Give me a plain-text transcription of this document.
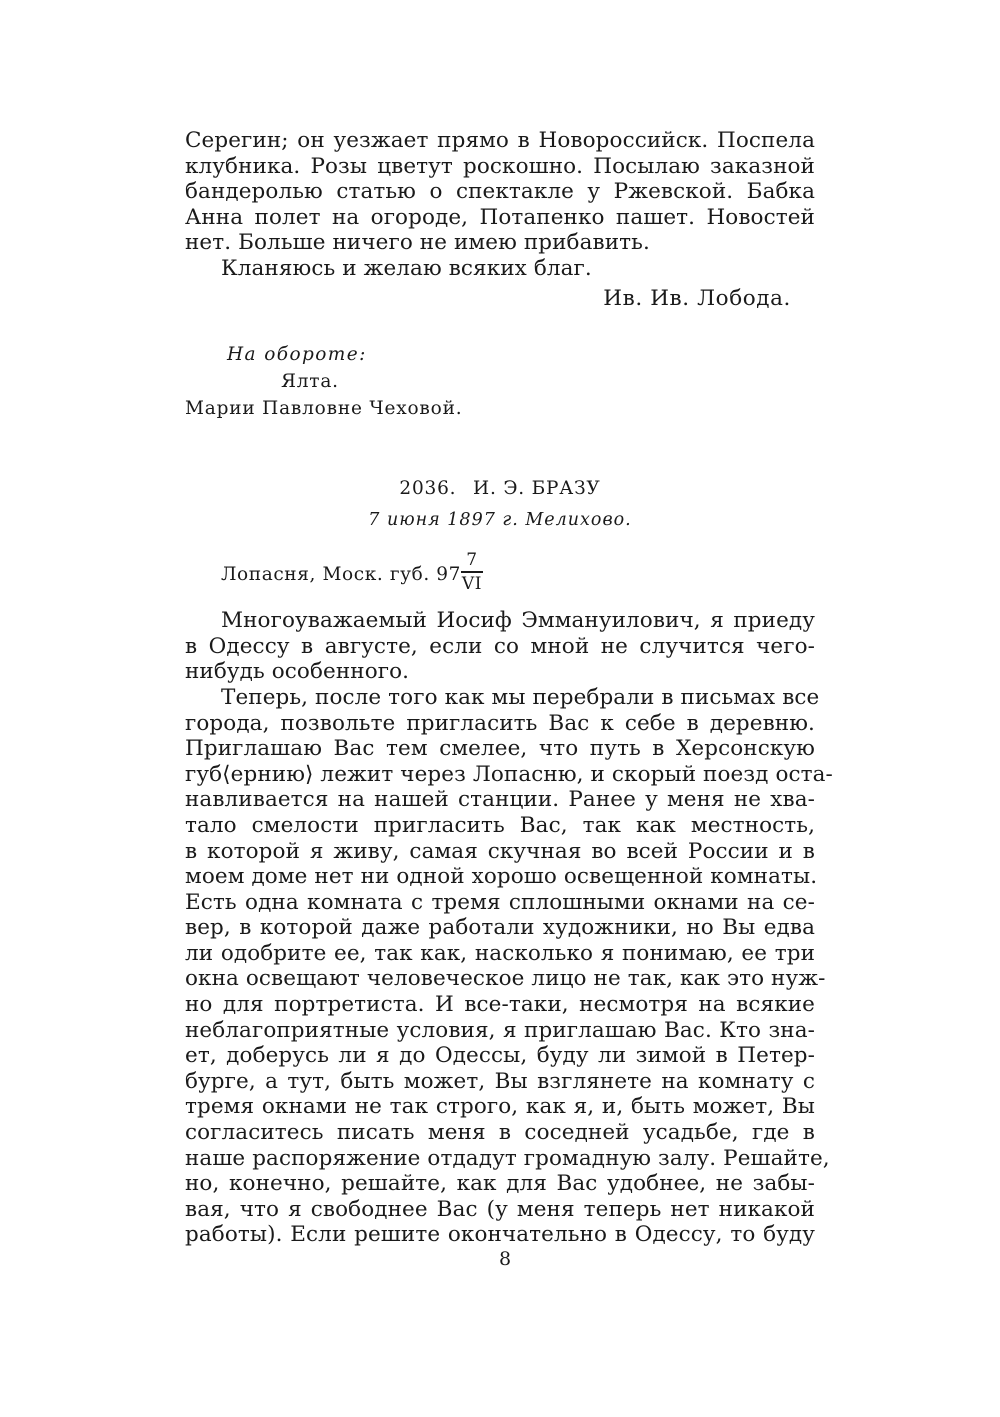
Серегин; он уезжает прямо в Новороссийск. Поспела
клубника. Розы цветут роскошно. Посылаю заказной
бандеролью статью о спектакле у Ржевской. Бабка
Анна полет на огороде, Потапенко пашет. Новостей
нет. Больше ничего не имею прибавить.
Кланяюсь и желаю всяких благ.
Ив. Ив. Лобода.
На обороте:
Ялта.
Марии Павловне Чеховой.
2036. И. Э. БРАЗУ
7 июня 1897 г. Мелихово.
Лопасня, Моск. губ. 97
7
VI
Многоуважаемый Иосиф Эммануилович, я приеду
в Одессу в августе, если со мной не случится чего-
нибудь особенного.
Теперь, после того как мы перебрали в письмах все
города, позвольте пригласить Вас к себе в деревню.
Приглашаю Вас тем смелее, что путь в Херсонскую
губ⟨ернию⟩ лежит через Лопасню, и скорый поезд оста-
навливается на нашей станции. Ранее у меня не хва-
тало смелости пригласить Вас, так как местность,
в которой я живу, самая скучная во всей России и в
моем доме нет ни одной хорошо освещенной комнаты.
Есть одна комната с тремя сплошными окнами на се-
вер, в которой даже работали художники, но Вы едва
ли одобрите ее, так как, насколько я понимаю, ее три
окна освещают человеческое лицо не так, как это нуж-
но для портретиста. И все-таки, несмотря на всякие
неблагоприятные условия, я приглашаю Вас. Кто зна-
ет, доберусь ли я до Одессы, буду ли зимой в Петер-
бурге, а тут, быть может, Вы взглянете на комнату с
тремя окнами не так строго, как я, и, быть может, Вы
согласитесь писать меня в соседней усадьбе, где в
наше распоряжение отдадут громадную залу. Решайте,
но, конечно, решайте, как для Вас удобнее, не забы-
вая, что я свободнее Вас (у меня теперь нет никакой
работы). Если решите окончательно в Одессу, то буду
8
